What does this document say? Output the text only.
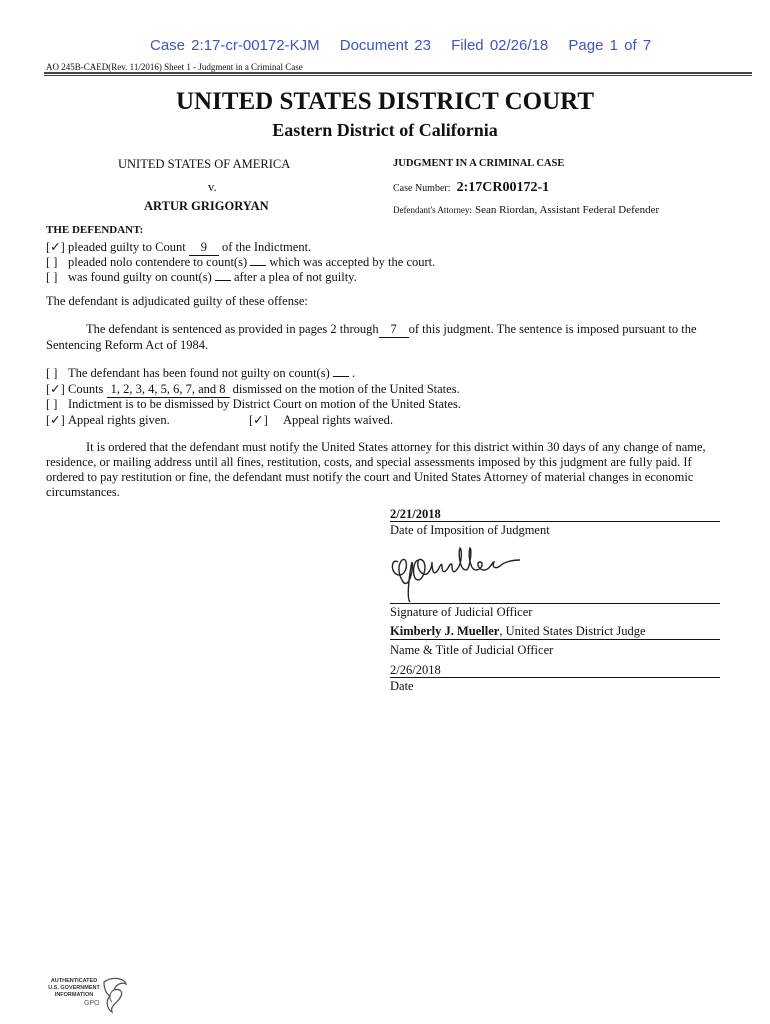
Case 2:17-cr-00172-KJM Document 23 Filed 02/26/18 Page 1 of 7
AO 245B-CAED(Rev. 11/2016) Sheet 1 - Judgment in a Criminal Case
UNITED STATES DISTRICT COURT
Eastern District of California
UNITED STATES OF AMERICA
v.
ARTUR GRIGORYAN
JUDGMENT IN A CRIMINAL CASE
Case Number: 2:17CR00172-1
Defendant's Attorney: Sean Riordan, Assistant Federal Defender
THE DEFENDANT:
[✓] pleaded guilty to Count 9 of the Indictment.
[ ] pleaded nolo contendere to count(s) which was accepted by the court.
[ ] was found guilty on count(s) after a plea of not guilty.
The defendant is adjudicated guilty of these offense:
The defendant is sentenced as provided in pages 2 through 7 of this judgment. The sentence is imposed pursuant to the
Sentencing Reform Act of 1984.
[ ] The defendant has been found not guilty on count(s)  .
[✓] Counts 1, 2, 3, 4, 5, 6, 7, and 8 dismissed on the motion of the United States.
[ ] Indictment is to be dismissed by District Court on motion of the United States.
[✓] Appeal rights given.	[✓] Appeal rights waived.
It is ordered that the defendant must notify the United States attorney for this district within 30 days of any change of name,
residence, or mailing address until all fines, restitution, costs, and special assessments imposed by this judgment are fully paid. If
ordered to pay restitution or fine, the defendant must notify the court and United States Attorney of material changes in economic
circumstances.
2/21/2018
Date of Imposition of Judgment
Signature of Judicial Officer
Kimberly J. Mueller, United States District Judge
Name & Title of Judicial Officer
2/26/2018
Date
AUTHENTICATED
U.S. GOVERNMENT
INFORMATION
GPO
